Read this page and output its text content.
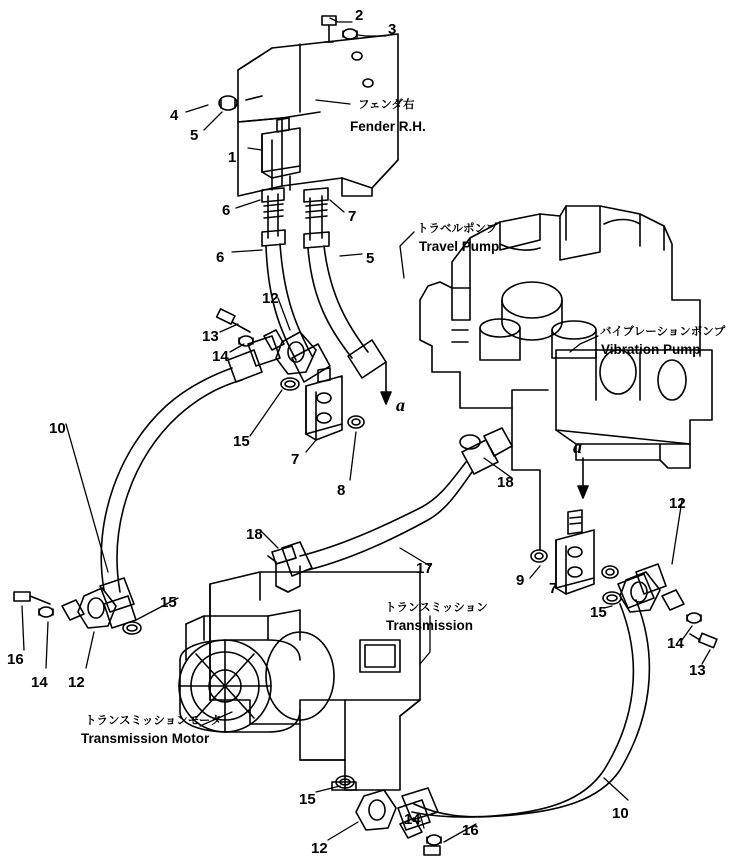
2
3
4
5
1
6	7
6	5
12
13
14
15
7
8
10
18
18
17
12
9 7
15
14
13
15
16
14 12
10
15
12
14
16
a
a
フェンダ右
Fender R.H.
トラベルポンプ
Travel Pump
バイブレーションポンプ
Vibration Pump
トランスミッション
Transmission
トランスミッションモータ
Transmission Motor
